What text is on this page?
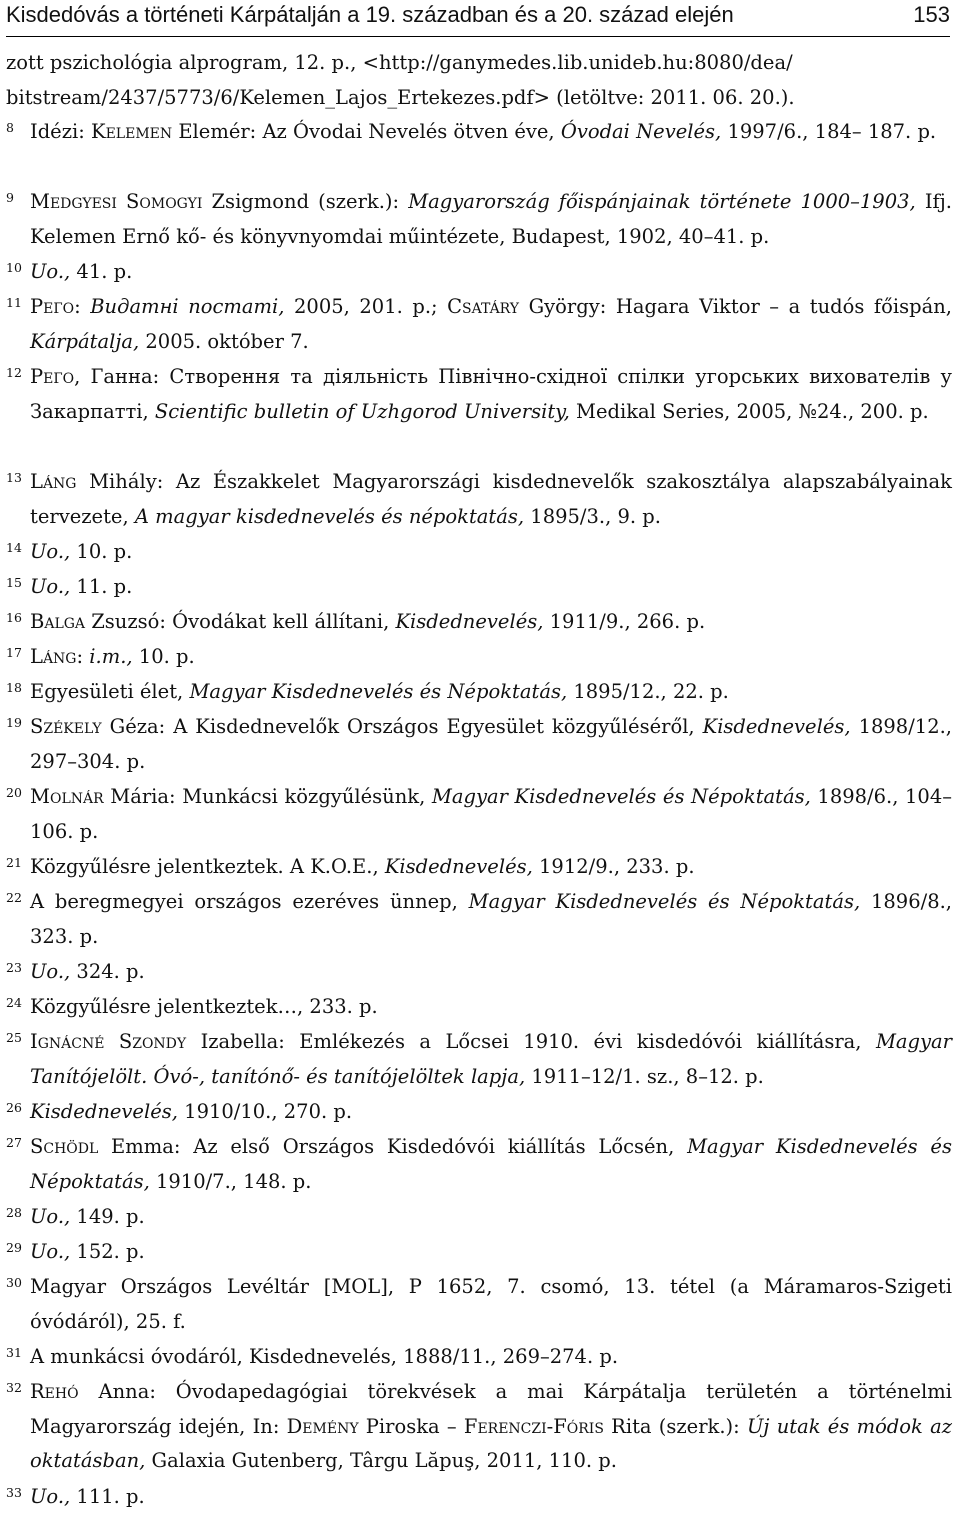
Kisdedóvás a történeti Kárpátalján a 19. században és a 20. század elején	153
zott pszichológia alprogram, 12. p., <http://ganymedes.lib.unideb.hu:8080/dea/
bitstream/2437/5773/6/Kelemen_Lajos_Ertekezes.pdf> (letöltve: 2011. 06. 20.).
8 Idézi: Kelemen Elemér: Az Óvodai Nevelés ötven éve, Óvodai Nevelés, 1997/6., 184– 187. p.
9 Medgyesi Somogyi Zsigmond (szerk.): Magyarország főispánjainak története 1000–1903, Ifj. Kelemen Ernő kő- és könyvnyomdai műintézete, Budapest, 1902, 40–41. p.
10 Uo., 41. p.
11 Рего: Видатні постаті, 2005, 201. p.; Csatáry György: Hagara Viktor – a tudós főispán, Kárpátalja, 2005. október 7.
12 Рего, Ганна: Створення та діяльність Північно-східної спілки угорських вихователів у Закарпатті, Scientific bulletin of Uzhgorod University, Medikal Series, 2005, №24., 200. p.
13 Láng Mihály: Az Északkelet Magyarországi kisdednevelők szakosztálya alapszabályainak tervezete, A magyar kisdednevelés és népoktatás, 1895/3., 9. p.
14 Uo., 10. p.
15 Uo., 11. p.
16 Balga Zsuzsó: Óvodákat kell állítani, Kisdednevelés, 1911/9., 266. p.
17 Láng: i.m., 10. p.
18 Egyesületi élet, Magyar Kisdednevelés és Népoktatás, 1895/12., 22. p.
19 Székely Géza: A Kisdednevelők Országos Egyesület közgyűléséről, Kisdednevelés, 1898/12., 297–304. p.
20 Molnár Mária: Munkácsi közgyűlésünk, Magyar Kisdednevelés és Népoktatás, 1898/6., 104–106. p.
21 Közgyűlésre jelentkeztek. A K.O.E., Kisdednevelés, 1912/9., 233. p.
22 A beregmegyei országos ezeréves ünnep, Magyar Kisdednevelés és Népoktatás, 1896/8., 323. p.
23 Uo., 324. p.
24 Közgyűlésre jelentkeztek…, 233. p.
25 Ignácné Szondy Izabella: Emlékezés a Lőcsei 1910. évi kisdedóvói kiállításra, Magyar Tanítójelölt. Óvó-, tanítónő- és tanítójelöltek lapja, 1911–12/1. sz., 8–12. p.
26 Kisdednevelés, 1910/10., 270. p.
27 Schödl Emma: Az első Országos Kisdedóvói kiállítás Lőcsén, Magyar Kisdednevelés és Népoktatás, 1910/7., 148. p.
28 Uo., 149. p.
29 Uo., 152. p.
30 Magyar Országos Levéltár [MOL], P 1652, 7. csomó, 13. tétel (a Máramaros-Szigeti óvódáról), 25. f.
31 A munkácsi óvodáról, Kisdednevelés, 1888/11., 269–274. p.
32 Rehó Anna: Óvodapedagógiai törekvések a mai Kárpátalja területén a történelmi Magyarország idején, In: Demény Piroska – Ferenczi-Fóris Rita (szerk.): Új utak és módok az oktatásban, Galaxia Gutenberg, Târgu Lăpuş, 2011, 110. p.
33 Uo., 111. p.
